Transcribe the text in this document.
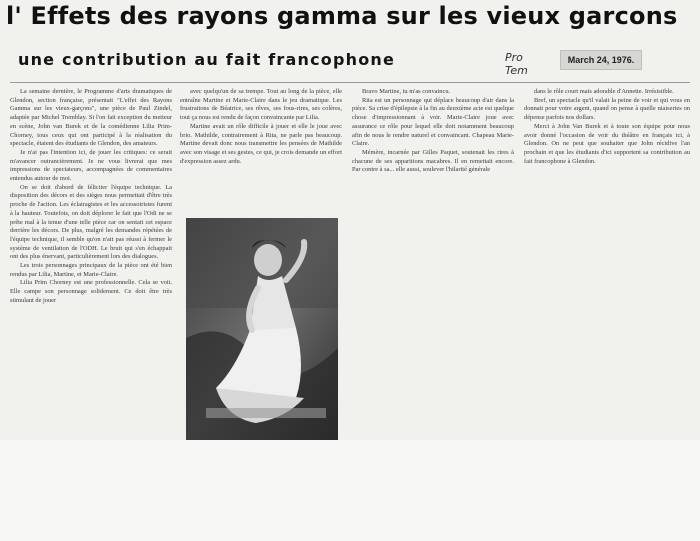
l' Effets des rayons gamma sur les vieux garcons
une contribution au fait francophone	Pro Tem
March 24, 1976.

La semaine dernière, le Programme d'arts dramatiques de Glendon, section française, présentait "L'effet des Rayons Gamma sur les vieux-garçons", une pièce de Paul Zindel, adaptée par Michel Tremblay. Si l'on fait exception du metteur en scène, John van Burek et de la comédienne Lilia Prim-Chorney, tous ceux qui ont participé à la réalisation du spectacle, étaient des étudiants de Glendon, des amateurs.

Je n'ai pas l'intention ici, de jouer les critiques: ce serait m'avancer outrancièrement. Je ne vous livrerai que mes impressions de spectateurs, accompagnées de commentaires entendus autour de moi.

On se doit d'abord de féliciter l'équipe technique. La disposition des décors et des sièges nous permettait d'être très proche de l'action. Les éclairagistes et les accessoiristes furent à la hauteur. Toutefois, on doit déplorer le fait que l'Odi ne se prête mal à la tenue d'une telle pièce car on sentait cet espace derrière les décors. De plus, malgré les demandes répétées de l'équipe technique, il semble qu'on n'ait pas réussi à fermer le système de ventilation de l'ODH. Le bruit qui s'en échappait ont des plus énervant, particulièrement lors des dialogues.

Les trois personnages principaux de la pièce ont été bien rendus par Lilia, Martine, et Marie-Claire.

Lilia Prim Chorney est une professionnelle. Cela se voit. Elle campe son personnage solidement. Ce doit être très stimulant de jouer

avec quelqu'un de sa trempe. Tout au long de la pièce, elle entraîne Martine et Marie-Claire dans le jeu dramatique. Les frustrations de Béatrice, ses rêves, ses fous-rires, ses colères, tout ça nous est rendu de façon convaincante par Lilia.

Martine avait un rôle difficile à jouer et elle le joue avec brio. Mathilde, contrairement à Rita, ne parle pas beaucoup. Martine devait donc nous transmettre les pensées de Mathilde avec son visage et ses gestes, ce qui, je crois demande un effort d'expression assez ardu.

Bravo Martine, tu m'as convaincu.

Rita est un personnage qui déplace beaucoup d'air dans la pièce. Sa crise d'épilepsie à la fin au deuxième acte est quelque chose d'impressionnant à voir. Marie-Claire joue avec assurance ce rôle pour lequel elle doit notamment beaucoup afin de nous le rendre naturel et convaincant. Chapeau Marie-Claire.

Mémère, incarnée par Gilles Paquet, soutenait les rires à chacune de ses apparitions macabres. Il en remettait encore. Par contre à sa... elle aussi, soulever l'hilarité générale

dans le rôle court mais adorable d'Annette. Irrésistible.

Bref, un spectacle qu'il valait la peine de voir et qui vous en donnait pour votre argent, quand on pense à quelle niaiseries on dépense parfois nos dollars.

Merci à John Van Burek et à toute son équipe pour nous avoir donné l'occasion de voir du théâtre en français ici, à Glendon. On ne peut que souhaiter que John récidive l'an prochain et que les étudiants d'ici supportent sa contribution au fait francophone à Glendon.
